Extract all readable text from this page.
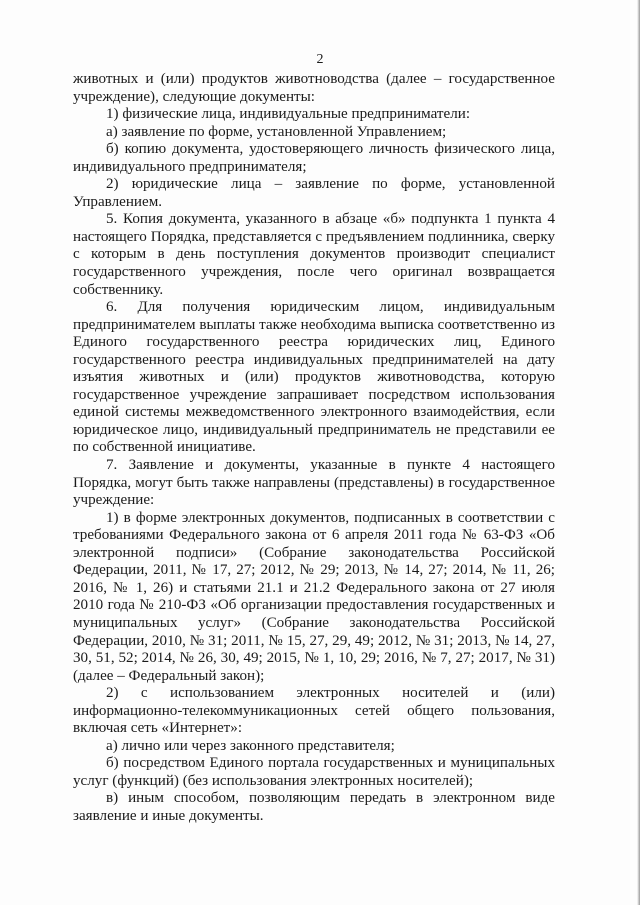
2

животных и (или) продуктов животноводства (далее – государственное учреждение), следующие документы:

1) физические лица, индивидуальные предприниматели:

а) заявление по форме, установленной Управлением;

б) копию документа, удостоверяющего личность физического лица, индивидуального предпринимателя;

2) юридические лица – заявление по форме, установленной Управлением.

5. Копия документа, указанного в абзаце «б» подпункта 1 пункта 4 настоящего Порядка, представляется с предъявлением подлинника, сверку с которым в день поступления документов производит специалист государственного учреждения, после чего оригинал возвращается собственнику.

6. Для получения юридическим лицом, индивидуальным предпринимателем выплаты также необходима выписка соответственно из Единого государственного реестра юридических лиц, Единого государственного реестра индивидуальных предпринимателей на дату изъятия животных и (или) продуктов животноводства, которую государственное учреждение запрашивает посредством использования единой системы межведомственного электронного взаимодействия, если юридическое лицо, индивидуальный предприниматель не представили ее по собственной инициативе.

7. Заявление и документы, указанные в пункте 4 настоящего Порядка, могут быть также направлены (представлены) в государственное учреждение:

1) в форме электронных документов, подписанных в соответствии с требованиями Федерального закона от 6 апреля 2011 года № 63-ФЗ «Об электронной подписи» (Собрание законодательства Российской Федерации, 2011, № 17, 27; 2012, № 29; 2013, № 14, 27; 2014, № 11, 26; 2016, № 1, 26) и статьями 21.1 и 21.2 Федерального закона от 27 июля 2010 года № 210-ФЗ «Об организации предоставления государственных и муниципальных услуг» (Собрание законодательства Российской Федерации, 2010, № 31; 2011, № 15, 27, 29, 49; 2012, № 31; 2013, № 14, 27, 30, 51, 52; 2014, № 26, 30, 49; 2015, № 1, 10, 29; 2016, № 7, 27; 2017, № 31) (далее – Федеральный закон);

2) с использованием электронных носителей и (или) информационно-телекоммуникационных сетей общего пользования, включая сеть «Интернет»:

а) лично или через законного представителя;

б) посредством Единого портала государственных и муниципальных услуг (функций) (без использования электронных носителей);

в) иным способом, позволяющим передать в электронном виде заявление и иные документы.
